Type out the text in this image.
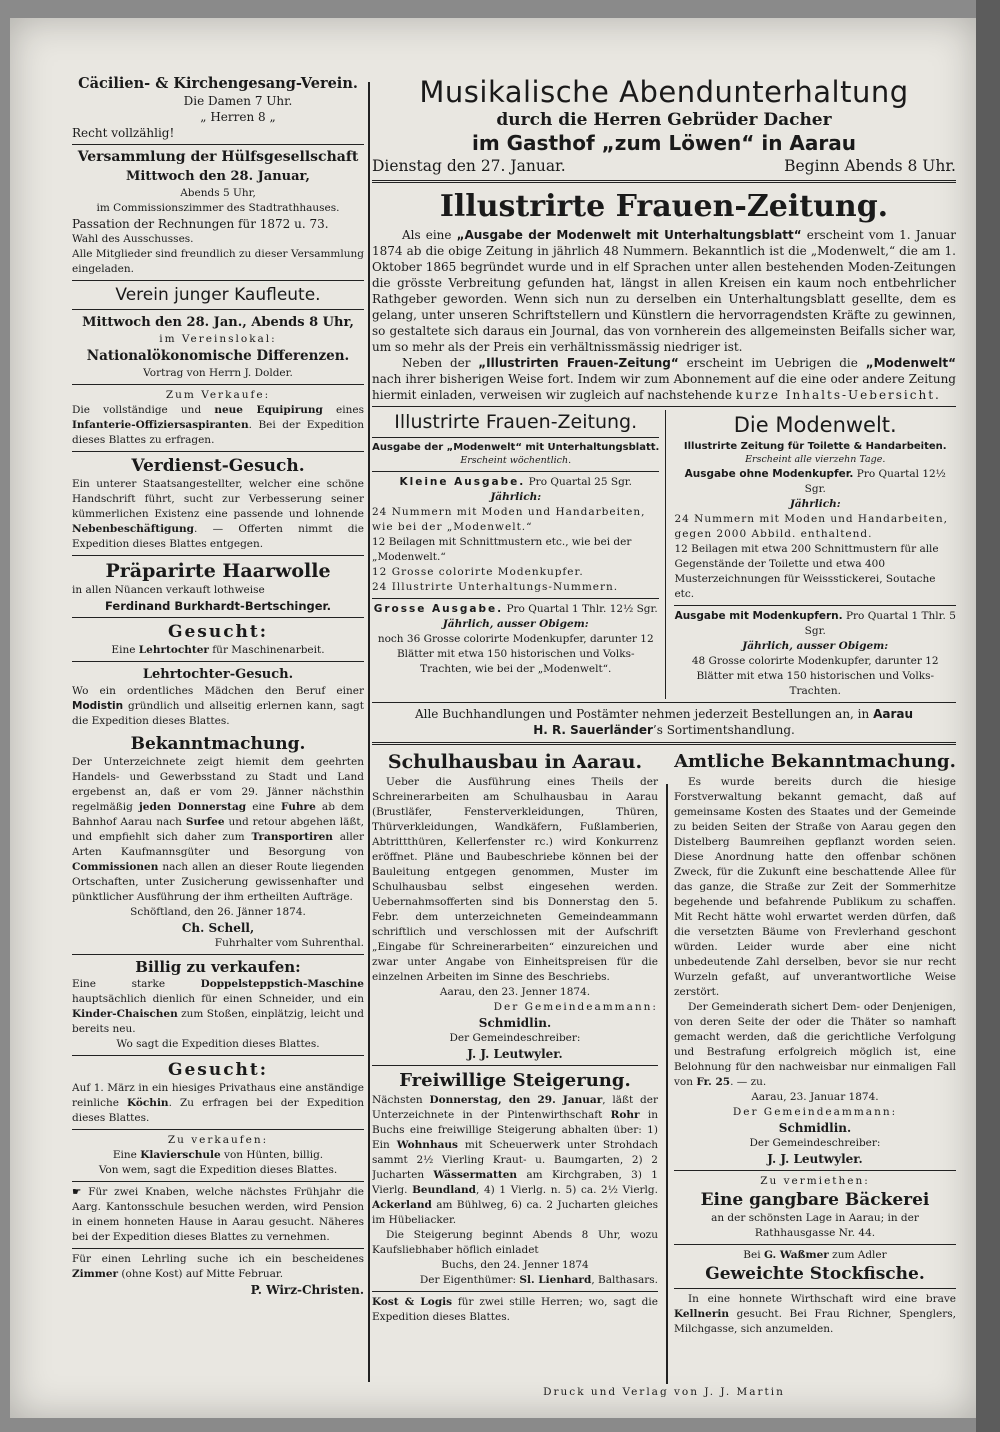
Cäcilien- & Kirchengesang-Verein.

Die Damen 7 Uhr.

„ Herren 8 „

Recht vollzählig!

Versammlung der Hülfsgesellschaft

Mittwoch den 28. Januar,

Abends 5 Uhr,

im Commissionszimmer des Stadtrathhauses.

Passation der Rechnungen für 1872 u. 73.

Wahl des Ausschusses.

Alle Mitglieder sind freundlich zu dieser Versammlung eingeladen.

Verein junger Kaufleute.

Mittwoch den 28. Jan., Abends 8 Uhr,

im Vereinslokal:

Nationalökonomische Differenzen.

Vortrag von Herrn J. Dolder.

Zum Verkaufe:

Die vollständige und neue Equipirung eines Infanterie-Offiziersaspiranten. Bei der Expedition dieses Blattes zu erfragen.

Verdienst-Gesuch.

Ein unterer Staatsangestellter, welcher eine schöne Handschrift führt, sucht zur Verbesserung seiner kümmerlichen Existenz eine passende und lohnende Nebenbeschäftigung. — Offerten nimmt die Expedition dieses Blattes entgegen.

Präparirte Haarwolle

in allen Nüancen verkauft lothweise

Ferdinand Burkhardt-Bertschinger.

Gesucht:

Eine Lehrtochter für Maschinenarbeit.

Lehrtochter-Gesuch.

Wo ein ordentliches Mädchen den Beruf einer Modistin gründlich und allseitig erlernen kann, sagt die Expedition dieses Blattes.

Bekanntmachung.

Der Unterzeichnete zeigt hiemit dem geehrten Handels- und Gewerbsstand zu Stadt und Land ergebenst an, daß er vom 29. Jänner nächsthin regelmäßig jeden Donnerstag eine Fuhre ab dem Bahnhof Aarau nach Surfee und retour abgehen läßt, und empfiehlt sich daher zum Transportiren aller Arten Kaufmannsgüter und Besorgung von Commissionen nach allen an dieser Route liegenden Ortschaften, unter Zusicherung gewissenhafter und pünktlicher Ausführung der ihm ertheilten Aufträge.

Schöftland, den 26. Jänner 1874.

Ch. Schell,

Fuhrhalter vom Suhrenthal.

Billig zu verkaufen:

Eine starke Doppelsteppstich-Maschine hauptsächlich dienlich für einen Schneider, und ein Kinder-Chaischen zum Stoßen, einplätzig, leicht und bereits neu.

Wo sagt die Expedition dieses Blattes.

Gesucht:

Auf 1. März in ein hiesiges Privathaus eine anständige reinliche Köchin. Zu erfragen bei der Expedition dieses Blattes.

Zu verkaufen:

Eine Klavierschule von Hünten, billig.

Von wem, sagt die Expedition dieses Blattes.

☛ Für zwei Knaben, welche nächstes Frühjahr die Aarg. Kantonsschule besuchen werden, wird Pension in einem honneten Hause in Aarau gesucht. Näheres bei der Expedition dieses Blattes zu vernehmen.

Für einen Lehrling suche ich ein bescheidenes Zimmer (ohne Kost) auf Mitte Februar.

P. Wirz-Christen.

Musikalische Abendunterhaltung

durch die Herren Gebrüder Dacher

im Gasthof „zum Löwen“ in Aarau

Dienstag den 27. Januar.	Beginn Abends 8 Uhr.

Illustrirte Frauen-Zeitung.

Als eine „Ausgabe der Modenwelt mit Unterhaltungsblatt“ erscheint vom 1. Januar 1874 ab die obige Zeitung in jährlich 48 Nummern. Bekanntlich ist die „Modenwelt,“ die am 1. Oktober 1865 begründet wurde und in elf Sprachen unter allen bestehenden Moden-Zeitungen die grösste Verbreitung gefunden hat, längst in allen Kreisen ein kaum noch entbehrlicher Rathgeber geworden. Wenn sich nun zu derselben ein Unterhaltungsblatt gesellte, dem es gelang, unter unseren Schriftstellern und Künstlern die hervorragendsten Kräfte zu gewinnen, so gestaltete sich daraus ein Journal, das von vornherein des allgemeinsten Beifalls sicher war, um so mehr als der Preis ein verhältnissmässig niedriger ist.

Neben der „Illustrirten Frauen-Zeitung“ erscheint im Uebrigen die „Modenwelt“ nach ihrer bisherigen Weise fort. Indem wir zum Abonnement auf die eine oder andere Zeitung hiermit einladen, verweisen wir zugleich auf nachstehende kurze Inhalts-Uebersicht.

Illustrirte Frauen-Zeitung.

Ausgabe der „Modenwelt“ mit Unterhaltungsblatt.

Erscheint wöchentlich.

Kleine Ausgabe. Pro Quartal 25 Sgr.

Jährlich:

24 Nummern mit Moden und Handarbeiten, wie bei der „Modenwelt.“

12 Beilagen mit Schnittmustern etc., wie bei der „Modenwelt.“

12 Grosse colorirte Modenkupfer.

24 Illustrirte Unterhaltungs-Nummern.

Grosse Ausgabe. Pro Quartal 1 Thlr. 12½ Sgr.

Jährlich, ausser Obigem:

noch 36 Grosse colorirte Modenkupfer, darunter 12 Blätter mit etwa 150 historischen und Volks-Trachten, wie bei der „Modenwelt“.

Die Modenwelt.

Illustrirte Zeitung für Toilette & Handarbeiten.

Erscheint alle vierzehn Tage.

Ausgabe ohne Modenkupfer. Pro Quartal 12½ Sgr.

Jährlich:

24 Nummern mit Moden und Handarbeiten, gegen 2000 Abbild. enthaltend.

12 Beilagen mit etwa 200 Schnittmustern für alle Gegenstände der Toilette und etwa 400 Musterzeichnungen für Weissstickerei, Soutache etc.

Ausgabe mit Modenkupfern. Pro Quartal 1 Thlr. 5 Sgr.

Jährlich, ausser Obigem:

48 Grosse colorirte Modenkupfer, darunter 12 Blätter mit etwa 150 historischen und Volks-Trachten.

Alle Buchhandlungen und Postämter nehmen jederzeit Bestellungen an, in Aarau
H. R. Sauerländer’s Sortimentshandlung.

Schulhausbau in Aarau.

Ueber die Ausführung eines Theils der Schreinerarbeiten am Schulhausbau in Aarau (Brustläfer, Fensterverkleidungen, Thüren, Thürverkleidungen, Wandkäfern, Fußlamberien, Abtrittthüren, Kellerfenster rc.) wird Konkurrenz eröffnet. Pläne und Baubeschriebe können bei der Bauleitung entgegen genommen, Muster im Schulhausbau selbst eingesehen werden. Uebernahmsofferten sind bis Donnerstag den 5. Febr. dem unterzeichneten Gemeindeammann schriftlich und verschlossen mit der Aufschrift „Eingabe für Schreinerarbeiten“ einzureichen und zwar unter Angabe von Einheitspreisen für die einzelnen Arbeiten im Sinne des Beschriebs.

Aarau, den 23. Jenner 1874.

Der Gemeindeammann:

Schmidlin.

Der Gemeindeschreiber:

J. J. Leutwyler.

Freiwillige Steigerung.

Nächsten Donnerstag, den 29. Januar, läßt der Unterzeichnete in der Pintenwirthschaft Rohr in Buchs eine freiwillige Steigerung abhalten über: 1) Ein Wohnhaus mit Scheuerwerk unter Strohdach sammt 2½ Vierling Kraut- u. Baumgarten, 2) 2 Jucharten Wässermatten am Kirchgraben, 3) 1 Vierlg. Beundland, 4) 1 Vierlg. n. 5) ca. 2½ Vierlg. Ackerland am Bühlweg, 6) ca. 2 Jucharten gleiches im Hübeliacker.

Die Steigerung beginnt Abends 8 Uhr, wozu Kaufsliebhaber höflich einladet

Buchs, den 24. Jenner 1874

Der Eigenthümer: Sl. Lienhard, Balthasars.

Kost & Logis für zwei stille Herren; wo, sagt die Expedition dieses Blattes.

Amtliche Bekanntmachung.

Es wurde bereits durch die hiesige Forstverwaltung bekannt gemacht, daß auf gemeinsame Kosten des Staates und der Gemeinde zu beiden Seiten der Straße von Aarau gegen den Distelberg Baumreihen gepflanzt worden seien. Diese Anordnung hatte den offenbar schönen Zweck, für die Zukunft eine beschattende Allee für das ganze, die Straße zur Zeit der Sommerhitze begehende und befahrende Publikum zu schaffen. Mit Recht hätte wohl erwartet werden dürfen, daß die versetzten Bäume von Frevlerhand geschont würden. Leider wurde aber eine nicht unbedeutende Zahl derselben, bevor sie nur recht Wurzeln gefaßt, auf unverantwortliche Weise zerstört.

Der Gemeinderath sichert Dem- oder Denjenigen, von deren Seite der oder die Thäter so namhaft gemacht werden, daß die gerichtliche Verfolgung und Bestrafung erfolgreich möglich ist, eine Belohnung für den nachweisbar nur einmaligen Fall von Fr. 25. — zu.

Aarau, 23. Januar 1874.

Der Gemeindeammann:

Schmidlin.

Der Gemeindeschreiber:

J. J. Leutwyler.

Zu vermiethen:

Eine gangbare Bäckerei

an der schönsten Lage in Aarau; in der Rathhausgasse Nr. 44.

Bei G. Waßmer zum Adler

Geweichte Stockfische.

In eine honnete Wirthschaft wird eine brave Kellnerin gesucht. Bei Frau Richner, Spenglers, Milchgasse, sich anzumelden.

Druck und Verlag von J. J. Martin
